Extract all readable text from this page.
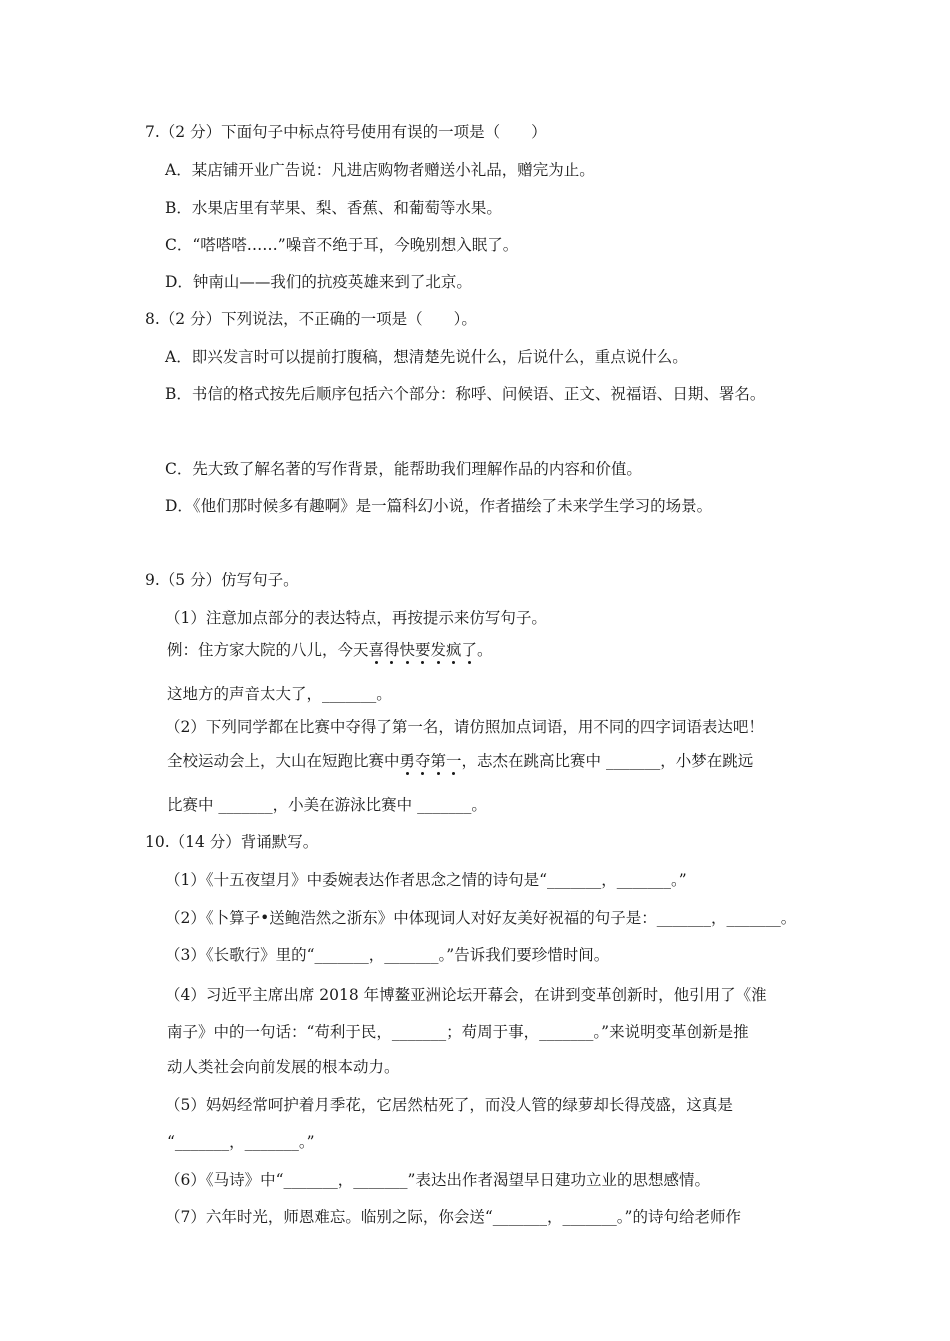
7.（2 分）下面句子中标点符号使用有误的一项是（　　）
A．某店铺开业广告说：凡进店购物者赠送小礼品，赠完为止。
B．水果店里有苹果、梨、香蕉、和葡萄等水果。
C．“嗒嗒嗒……”噪音不绝于耳，今晚别想入眠了。
D．钟南山——我们的抗疫英雄来到了北京。
8.（2 分）下列说法，不正确的一项是（　　）。
A．即兴发言时可以提前打腹稿，想清楚先说什么，后说什么，重点说什么。
B．书信的格式按先后顺序包括六个部分：称呼、问候语、正文、祝福语、日期、署名。
C．先大致了解名著的写作背景，能帮助我们理解作品的内容和价值。
D．《他们那时候多有趣啊》是一篇科幻小说，作者描绘了未来学生学习的场景。
9.（5 分）仿写句子。
（1）注意加点部分的表达特点，再按提示来仿写句子。
例：住方家大院的八儿，今天喜得快要发疯了
。
这地方的声音太大了，_______。
（2）下列同学都在比赛中夺得了第一名，请仿照加点词语，用不同的四字词语表达吧！
全校运动会上，大山在短跑比赛中勇夺第一
，志杰在跳高比赛中 _______，小梦在跳远
比赛中 _______，小美在游泳比赛中 _______。
10.（14 分）背诵默写。
（1）《十五夜望月》中委婉表达作者思念之情的诗句是“_______，_______。”
（2）《卜算子•送鲍浩然之浙东》中体现词人对好友美好祝福的句子是：_______，_______。
（3）《长歌行》里的“_______，_______。”告诉我们要珍惜时间。
（4）习近平主席出席 2018 年博鳌亚洲论坛开幕会，在讲到变革创新时，他引用了《淮
南子》中的一句话：“苟利于民，_______；苟周于事，_______。”来说明变革创新是推
动人类社会向前发展的根本动力。
（5）妈妈经常呵护着月季花，它居然枯死了，而没人管的绿萝却长得茂盛，这真是
“_______，_______。”
（6）《马诗》中“_______，_______”表达出作者渴望早日建功立业的思想感情。
（7）六年时光，师恩难忘。临别之际，你会送“_______，_______。”的诗句给老师作
